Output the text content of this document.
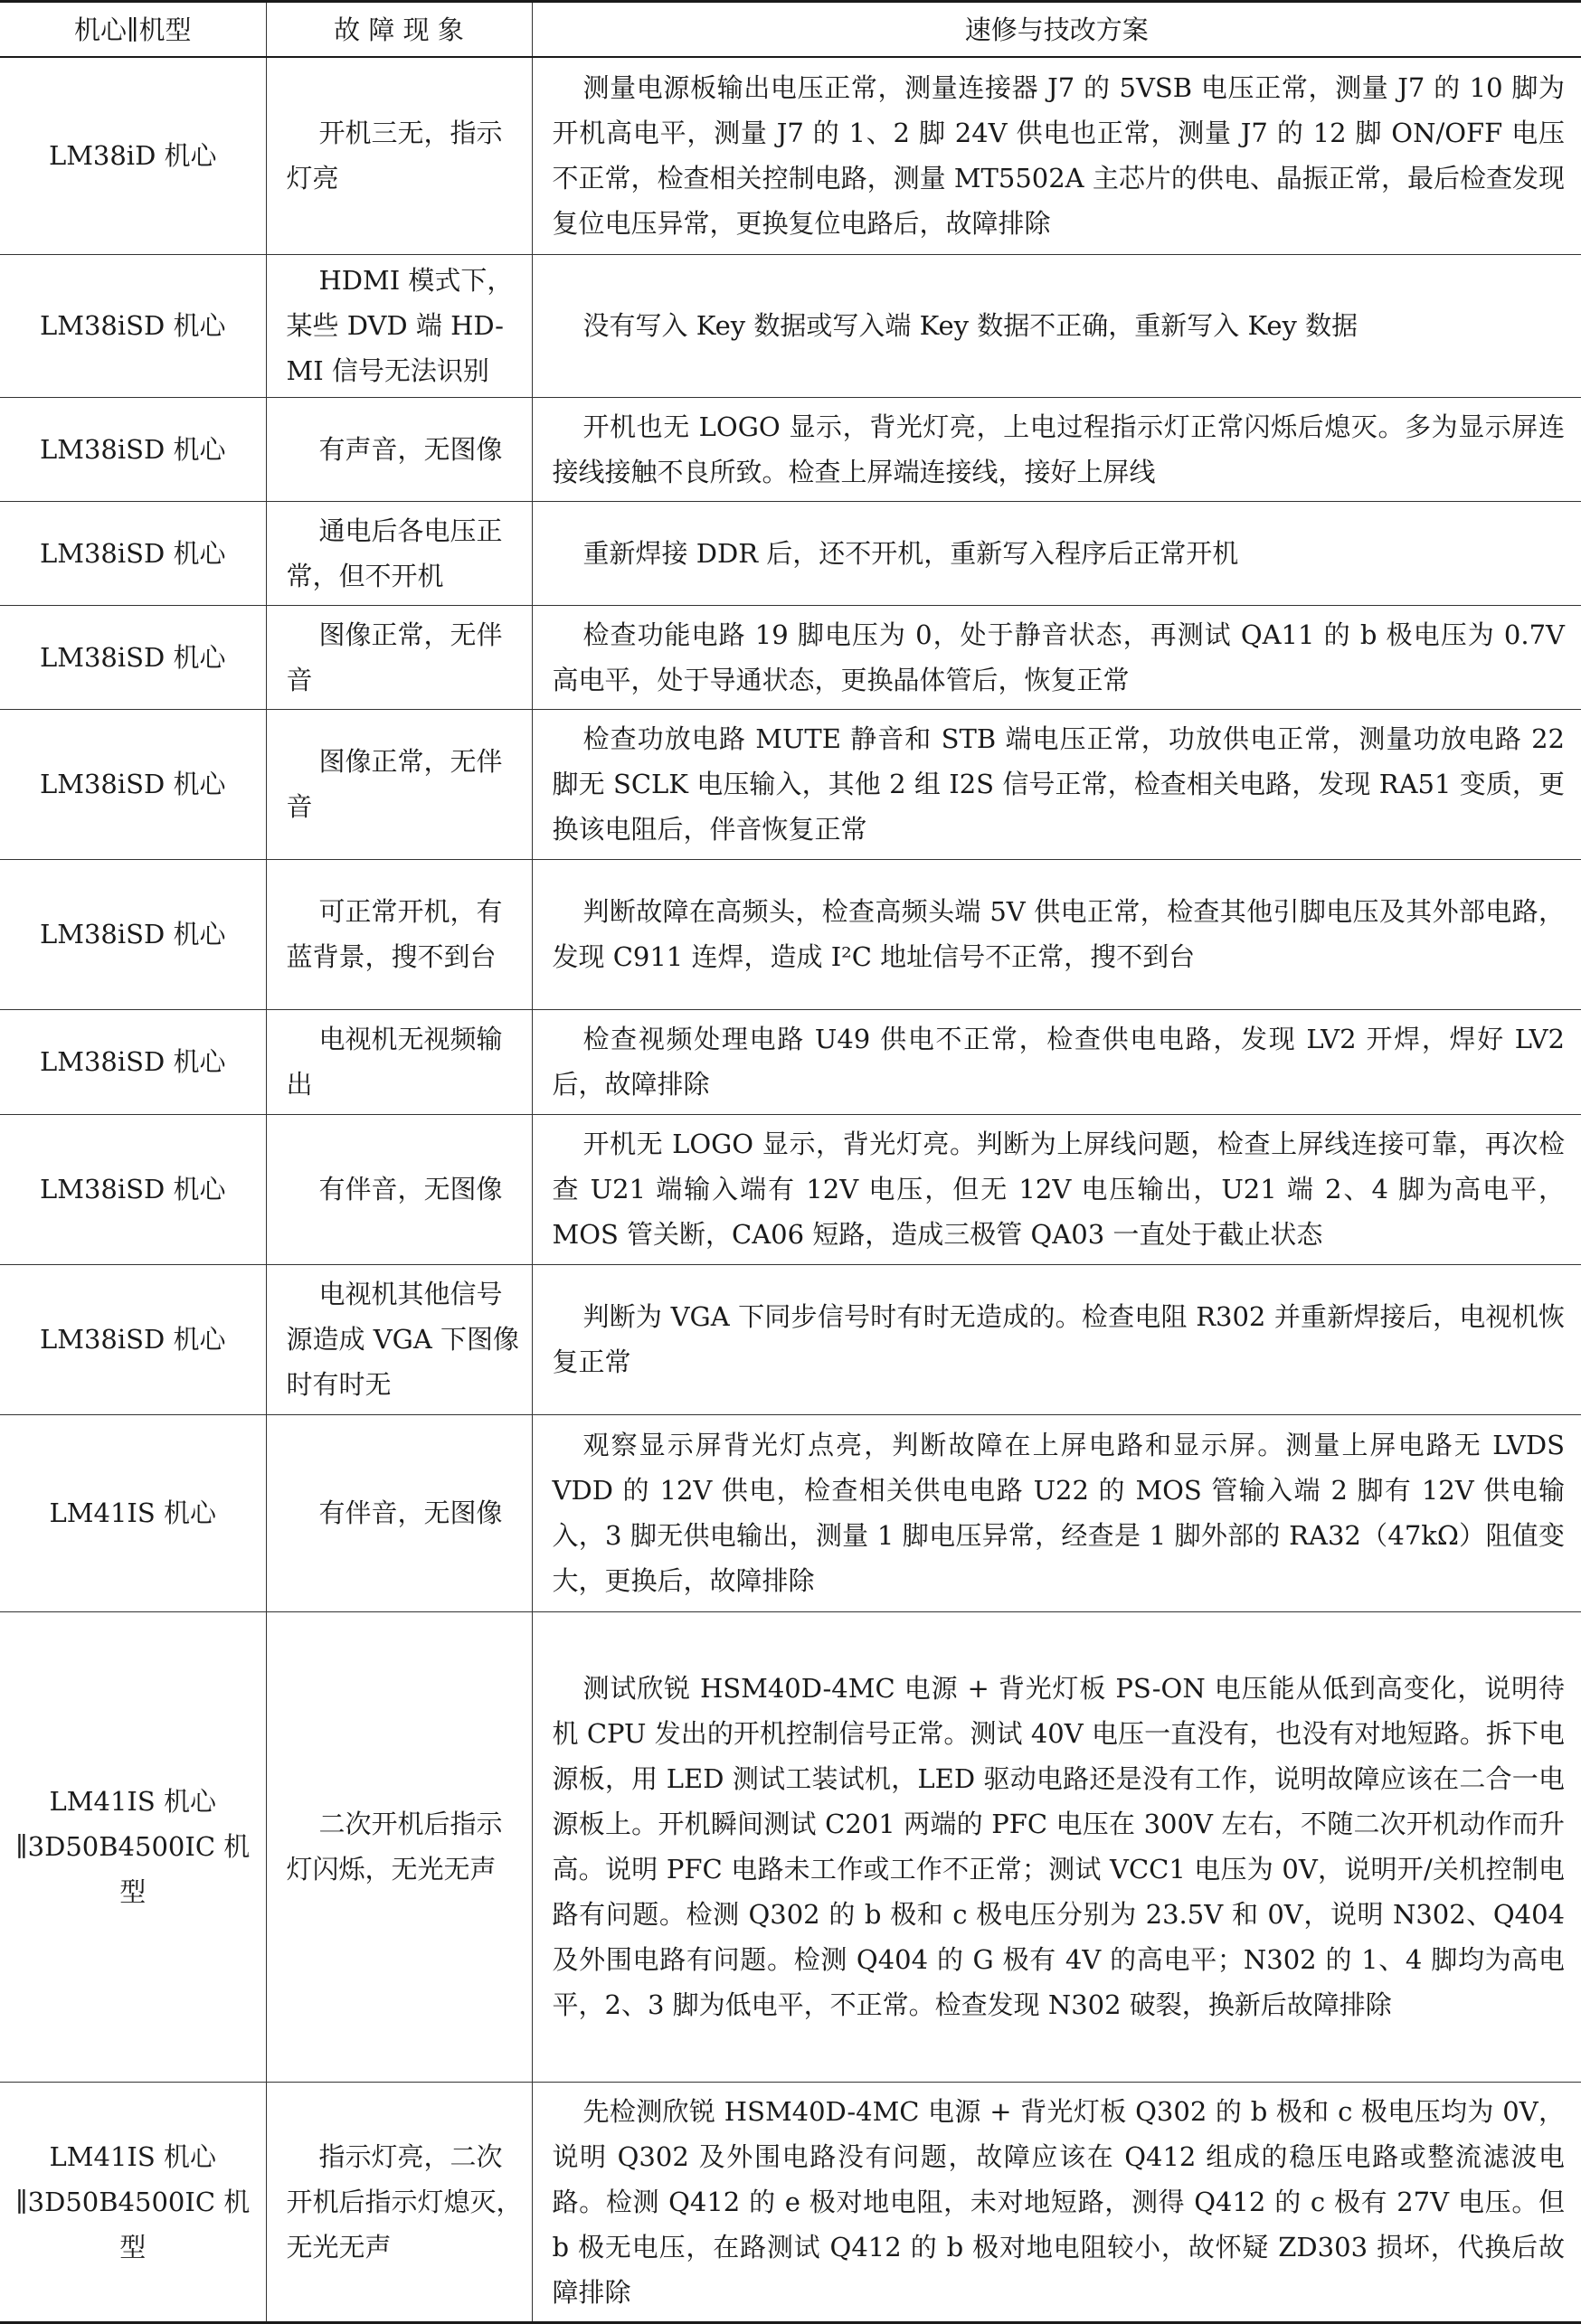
机心∥机型	故 障 现 象	速修与技改方案
LM38iD 机心	开机三无，指示灯亮	测量电源板输出电压正常，测量连接器 J7 的 5VSB 电压正常，测量 J7 的 10 脚为开机高电平，测量 J7 的 1、2 脚 24V 供电也正常，测量 J7 的 12 脚 ON/OFF 电压不正常，检查相关控制电路，测量 MT5502A 主芯片的供电、晶振正常，最后检查发现复位电压异常，更换复位电路后，故障排除
LM38iSD 机心	HDMI 模式下，某些 DVD 端 HD-MI 信号无法识别	没有写入 Key 数据或写入端 Key 数据不正确，重新写入 Key 数据
LM38iSD 机心	有声音，无图像	开机也无 LOGO 显示，背光灯亮，上电过程指示灯正常闪烁后熄灭。多为显示屏连接线接触不良所致。检查上屏端连接线，接好上屏线
LM38iSD 机心	通电后各电压正常，但不开机	重新焊接 DDR 后，还不开机，重新写入程序后正常开机
LM38iSD 机心	图像正常，无伴音	检查功能电路 19 脚电压为 0，处于静音状态，再测试 QA11 的 b 极电压为 0.7V 高电平，处于导通状态，更换晶体管后，恢复正常
LM38iSD 机心	图像正常，无伴音	检查功放电路 MUTE 静音和 STB 端电压正常，功放供电正常，测量功放电路 22 脚无 SCLK 电压输入，其他 2 组 I2S 信号正常，检查相关电路，发现 RA51 变质，更换该电阻后，伴音恢复正常
LM38iSD 机心	可正常开机，有蓝背景，搜不到台	判断故障在高频头，检查高频头端 5V 供电正常，检查其他引脚电压及其外部电路， 发现 C911 连焊，造成 I²C 地址信号不正常，搜不到台
LM38iSD 机心	电视机无视频输出	检查视频处理电路 U49 供电不正常，检查供电电路，发现 LV2 开焊，焊好 LV2 后，故障排除
LM38iSD 机心	有伴音，无图像	开机无 LOGO 显示，背光灯亮。判断为上屏线问题，检查上屏线连接可靠，再次检查 U21 端输入端有 12V 电压，但无 12V 电压输出，U21 端 2、4 脚为高电平，MOS 管关断，CA06 短路，造成三极管 QA03 一直处于截止状态
LM38iSD 机心	电视机其他信号源造成 VGA 下图像时有时无	判断为 VGA 下同步信号时有时无造成的。检查电阻 R302 并重新焊接后，电视机恢复正常
LM41IS 机心	有伴音，无图像	观察显示屏背光灯点亮，判断故障在上屏电路和显示屏。测量上屏电路无 LVDS VDD 的 12V 供电，检查相关供电电路 U22 的 MOS 管输入端 2 脚有 12V 供电输入，3 脚无供电输出，测量 1 脚电压异常，经查是 1 脚外部的 RA32（47kΩ）阻值变大，更换后，故障排除
LM41IS 机心∥3D50B4500IC 机型	二次开机后指示灯闪烁，无光无声	测试欣锐 HSM40D-4MC 电源 + 背光灯板 PS-ON 电压能从低到高变化，说明待机 CPU 发出的开机控制信号正常。测试 40V 电压一直没有，也没有对地短路。拆下电源板，用 LED 测试工装试机，LED 驱动电路还是没有工作，说明故障应该在二合一电源板上。开机瞬间测试 C201 两端的 PFC 电压在 300V 左右，不随二次开机动作而升高。说明 PFC 电路未工作或工作不正常；测试 VCC1 电压为 0V，说明开/关机控制电路有问题。检测 Q302 的 b 极和 c 极电压分别为 23.5V 和 0V，说明 N302、Q404 及外围电路有问题。检测 Q404 的 G 极有 4V 的高电平；N302 的 1、4 脚均为高电平，2、3 脚为低电平，不正常。检查发现 N302 破裂，换新后故障排除
LM41IS 机心∥3D50B4500IC 机型	指示灯亮，二次开机后指示灯熄灭，无光无声	先检测欣锐 HSM40D-4MC 电源 + 背光灯板 Q302 的 b 极和 c 极电压均为 0V，说明 Q302 及外围电路没有问题，故障应该在 Q412 组成的稳压电路或整流滤波电路。检测 Q412 的 e 极对地电阻，未对地短路，测得 Q412 的 c 极有 27V 电压。但 b 极无电压，在路测试 Q412 的 b 极对地电阻较小，故怀疑 ZD303 损坏，代换后故障排除
